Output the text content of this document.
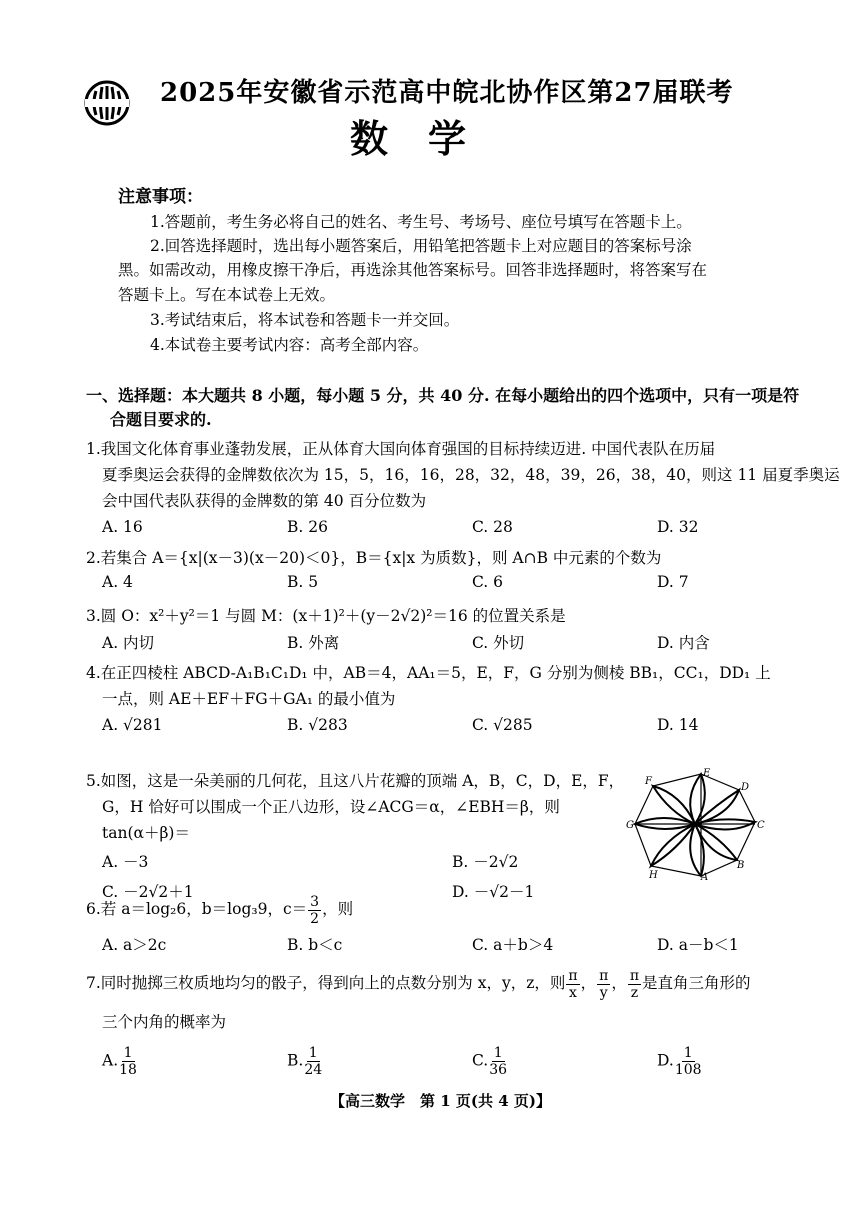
2025年安徽省示范高中皖北协作区第27届联考
数学
注意事项：
1.答题前，考生务必将自己的姓名、考生号、考场号、座位号填写在答题卡上。
2.回答选择题时，选出每小题答案后，用铅笔把答题卡上对应题目的答案标号涂
黑。如需改动，用橡皮擦干净后，再选涂其他答案标号。回答非选择题时，将答案写在
答题卡上。写在本试卷上无效。
3.考试结束后，将本试卷和答题卡一并交回。
4.本试卷主要考试内容：高考全部内容。
一、选择题：本大题共 8 小题，每小题 5 分，共 40 分. 在每小题给出的四个选项中，只有一项是符
合题目要求的.
1.我国文化体育事业蓬勃发展，正从体育大国向体育强国的目标持续迈进. 中国代表队在历届
夏季奥运会获得的金牌数依次为 15，5，16，16，28，32，48，39，26，38，40，则这 11 届夏季奥运
会中国代表队获得的金牌数的第 40 百分位数为
A. 16	B. 26	C. 28	D. 32
2.若集合 A＝{x|(x－3)(x－20)＜0}，B＝{x|x 为质数}，则 A∩B 中元素的个数为
A. 4	B. 5	C. 6	D. 7
3.圆 O：x²＋y²＝1 与圆 M：(x＋1)²＋(y－2√2)²＝16 的位置关系是
A. 内切	B. 外离	C. 外切	D. 内含
4.在正四棱柱 ABCD-A₁B₁C₁D₁ 中，AB＝4，AA₁＝5，E，F，G 分别为侧棱 BB₁，CC₁，DD₁ 上
一点，则 AE＋EF＋FG＋GA₁ 的最小值为
A. √281	B. √283	C. √285	D. 14
5.如图，这是一朵美丽的几何花，且这八片花瓣的顶端 A，B，C，D，E，F，
G，H 恰好可以围成一个正八边形，设∠ACG＝α，∠EBH＝β，则
tan(α＋β)＝
A. －3	B. －2√2
C. －2√2＋1	D. －√2－1
B
C
D
E
F
G
H	A
6.若 a＝log₂6，b＝log₃9，$c= \frac{3}{2}$ ，则
A. a＞2c	B. b＜c	C. a＋b＞4	D. a－b＜1
7.同时抛掷三枚质地均匀的骰子，得到向上的点数分别为 x，y，z，则 $\frac{\pi}{x}$ ， $\frac{\pi}{y}$ ， $\frac{\pi}{z}$ 是直角三角形的
三个内角的概率为
A. $\frac{1}{18}$	B. $\frac{1}{24}$	C. $\frac{1}{36}$	D. $\frac{1}{108}$
【高三数学　第 1 页(共 4 页)】
